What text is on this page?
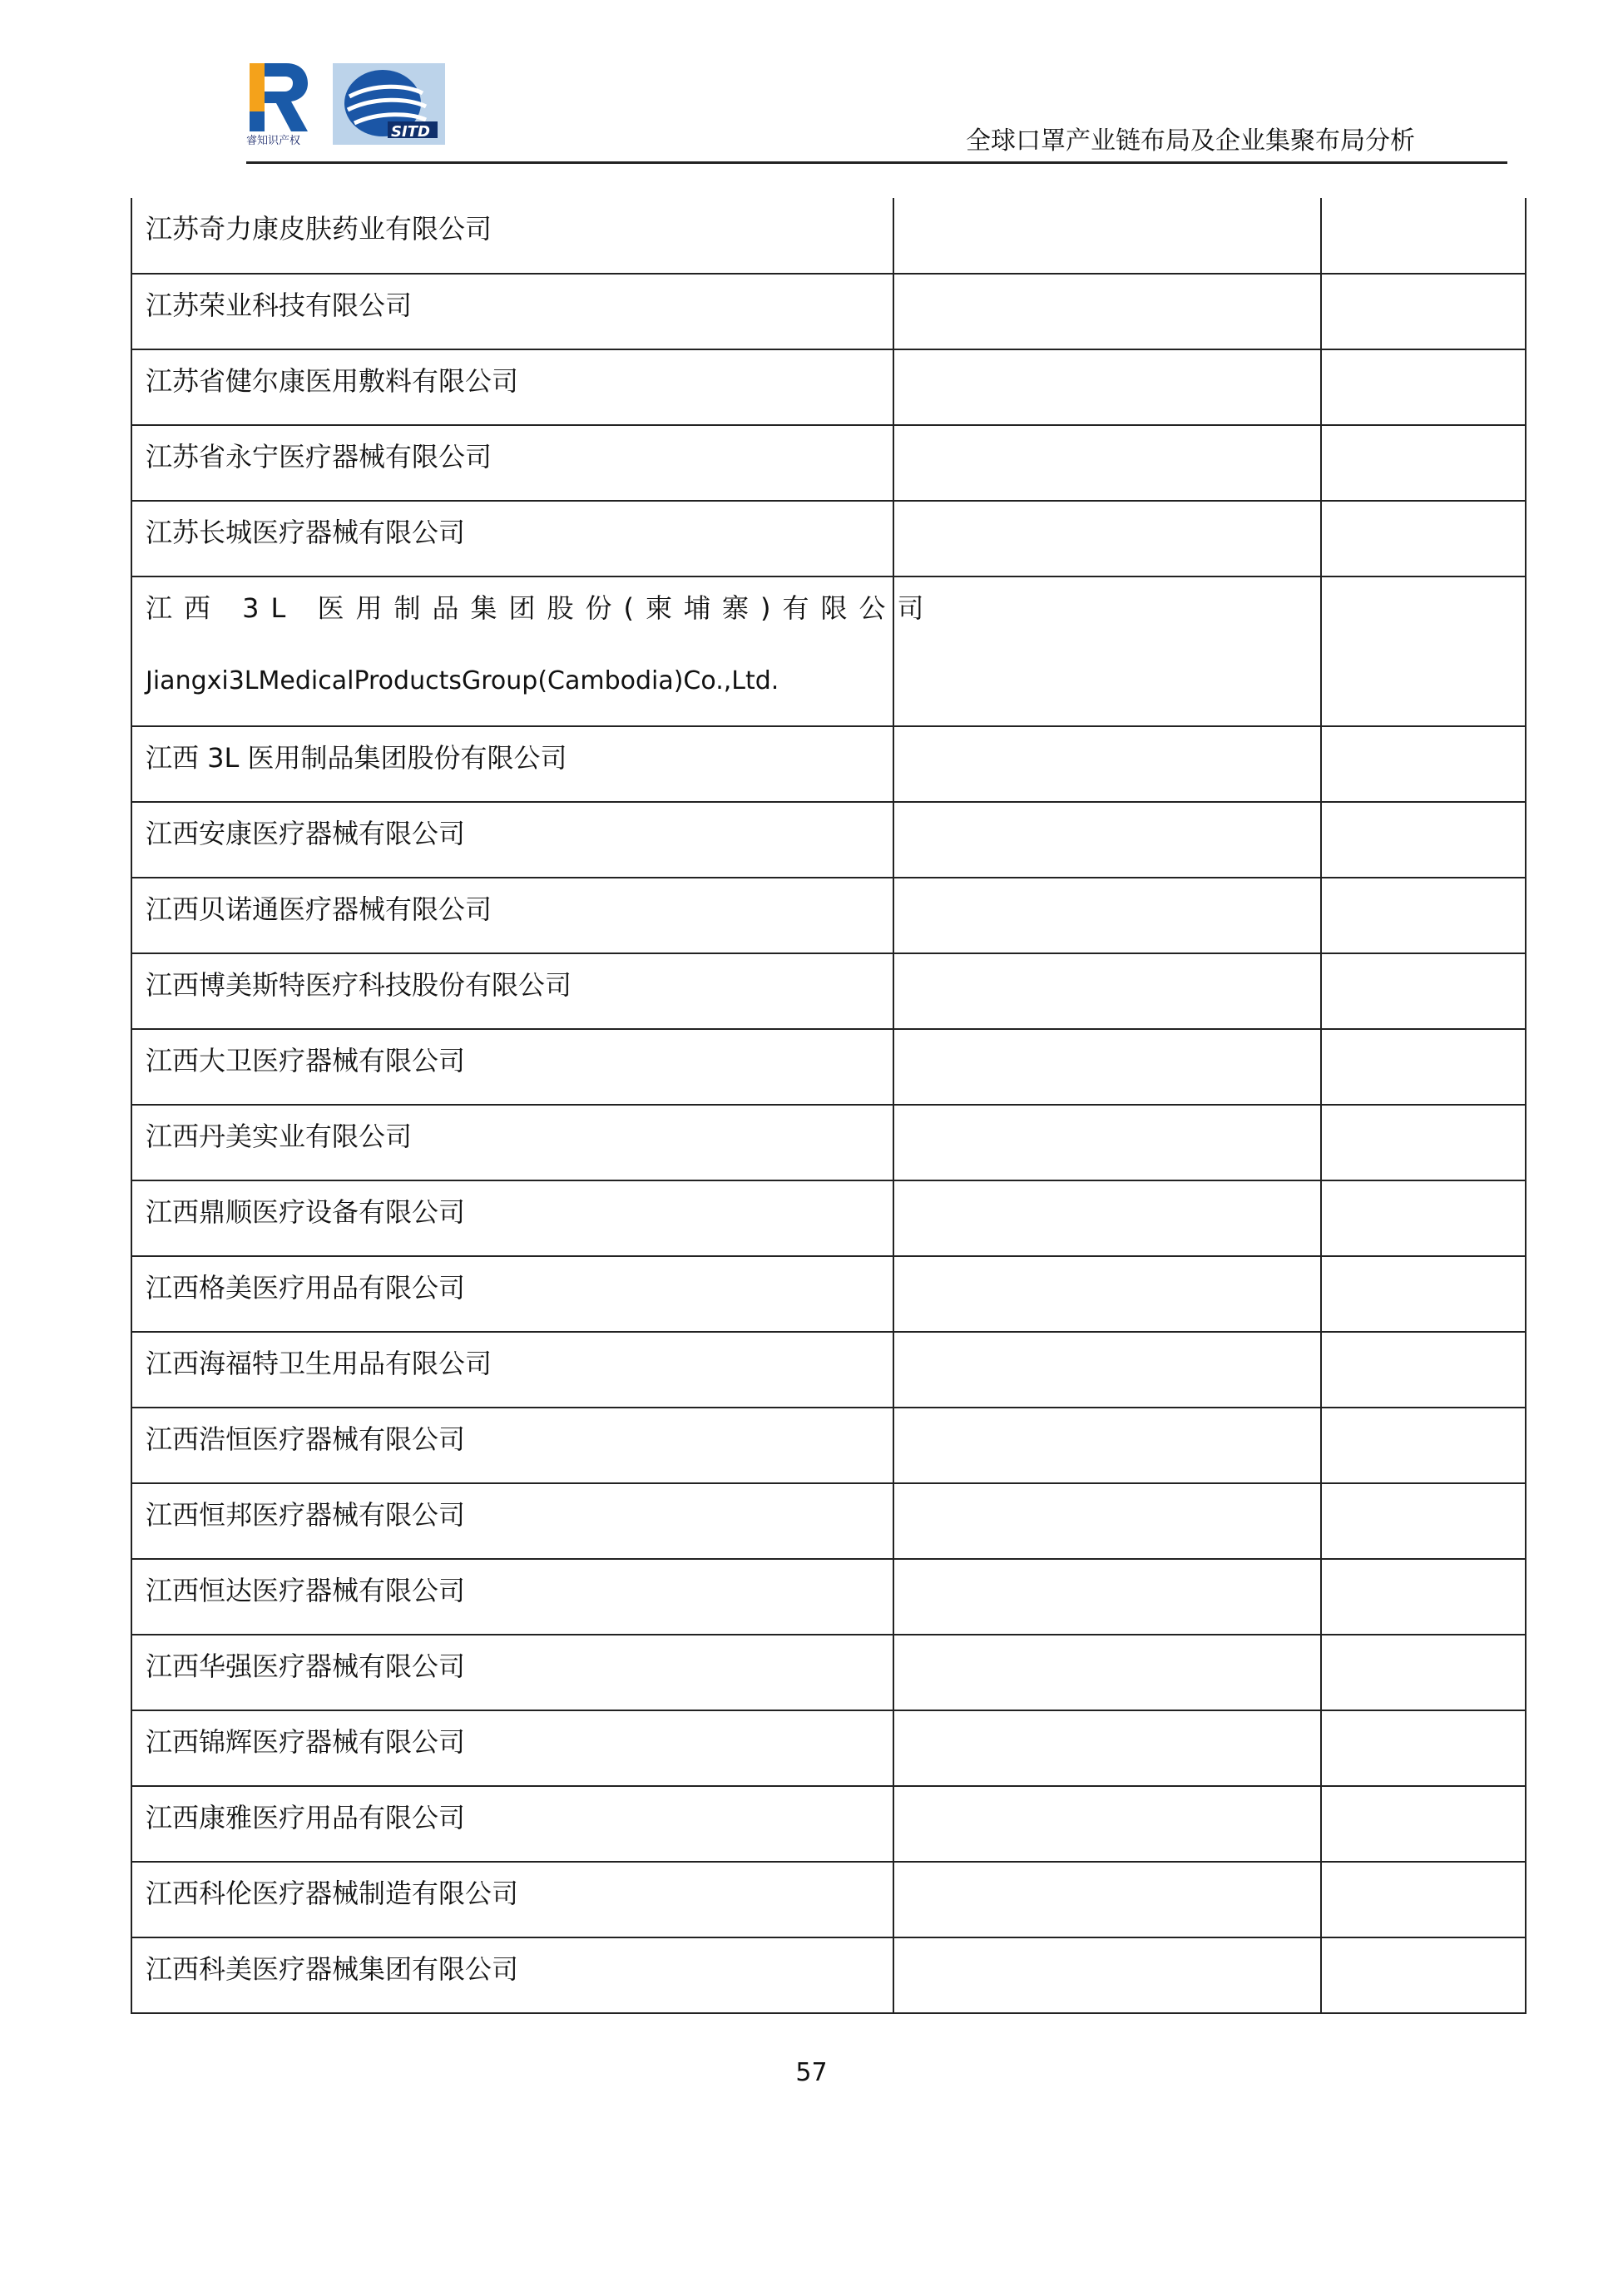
睿知识产权
SITD	全球口罩产业链布局及企业集聚布局分析
江苏奇力康皮肤药业有限公司		

江苏荣业科技有限公司		

江苏省健尔康医用敷料有限公司		

江苏省永宁医疗器械有限公司		

江苏长城医疗器械有限公司		

江西 3L 医用制品集团股份(柬埔寨)有限公司
Jiangxi3LMedicalProductsGroup(Cambodia)Co.,Ltd.		

江西 3L 医用制品集团股份有限公司		

江西安康医疗器械有限公司		

江西贝诺通医疗器械有限公司		

江西博美斯特医疗科技股份有限公司		

江西大卫医疗器械有限公司		

江西丹美实业有限公司		

江西鼎顺医疗设备有限公司		

江西格美医疗用品有限公司		

江西海福特卫生用品有限公司		

江西浩恒医疗器械有限公司		

江西恒邦医疗器械有限公司		

江西恒达医疗器械有限公司		

江西华强医疗器械有限公司		

江西锦辉医疗器械有限公司		

江西康雅医疗用品有限公司		

江西科伦医疗器械制造有限公司		

江西科美医疗器械集团有限公司		

57
